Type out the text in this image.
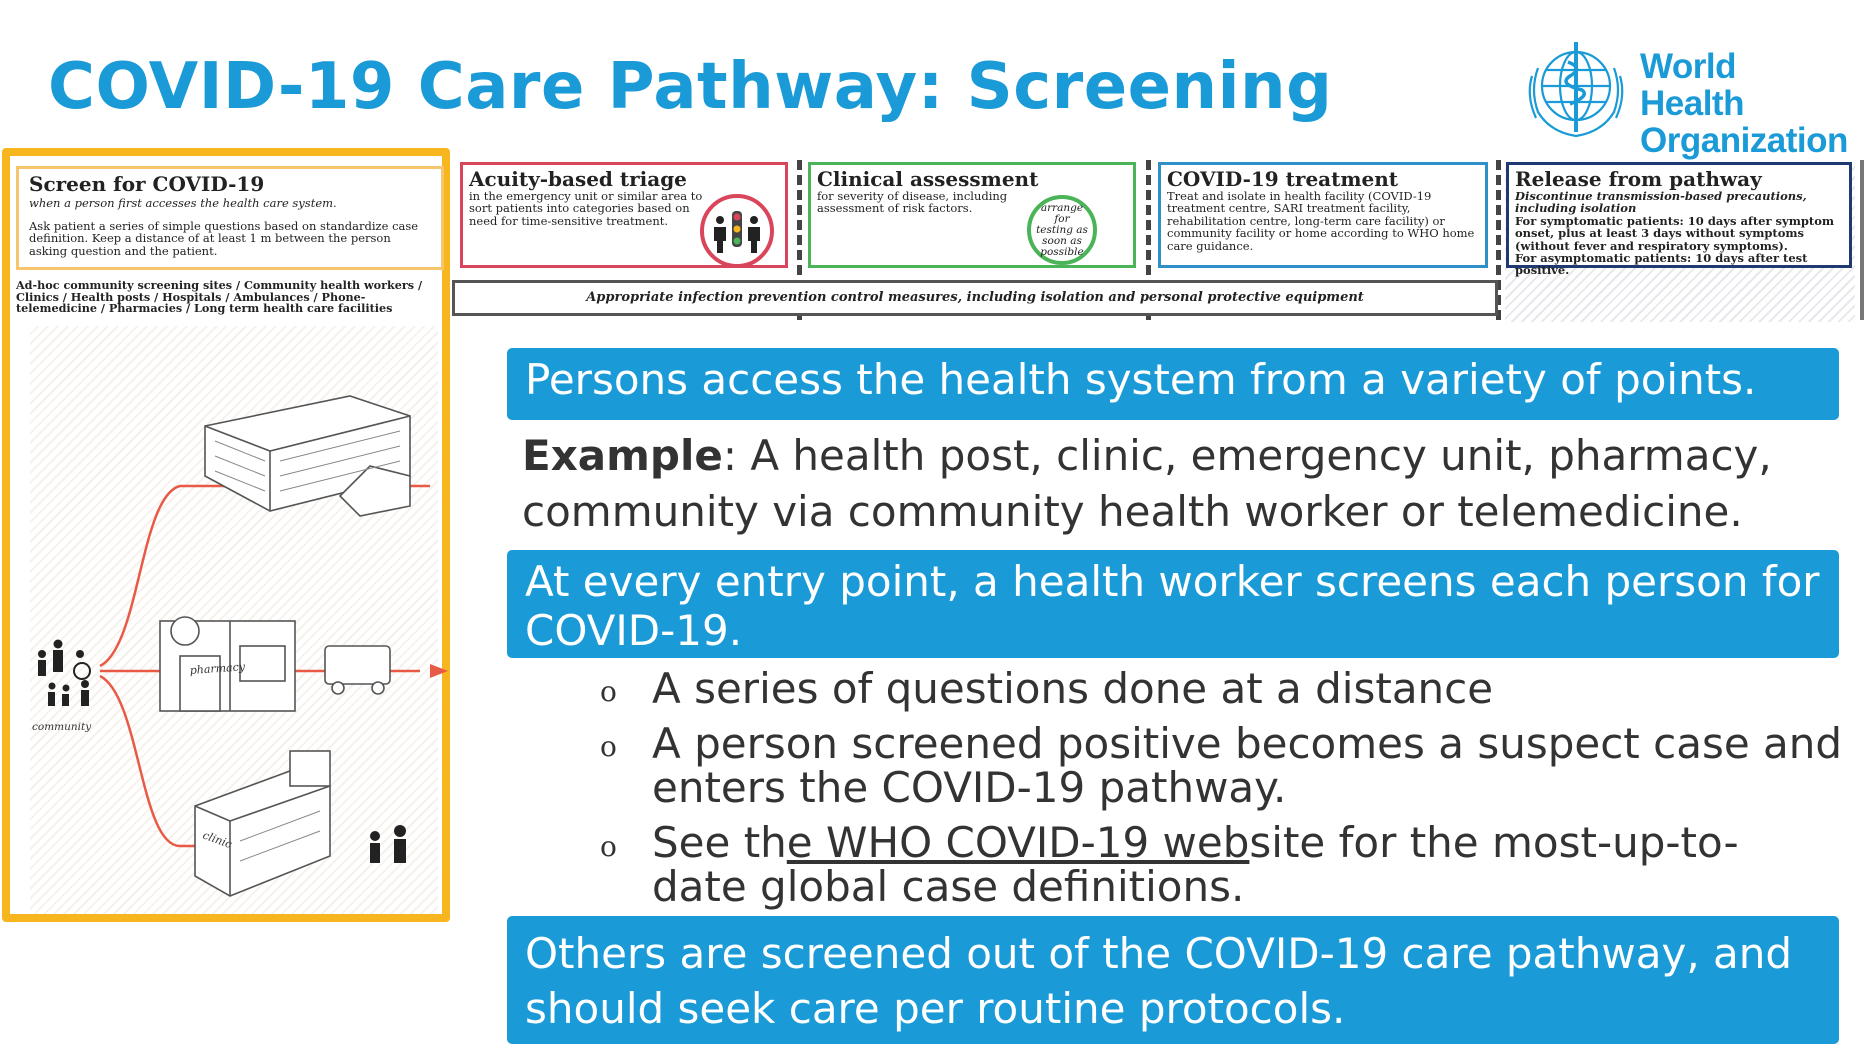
COVID-19 Care Pathway: Screening	World Health
Organization
Acuity-based triage
in the emergency unit or similar area to sort patients into categories based on need for time-sensitive treatment.
Clinical assessment
for severity of disease, including assessment of risk factors.	arrange for testing as soon as possible
COVID-19 treatment
Treat and isolate in health facility (COVID-19 treatment centre, SARI treatment facility, rehabilitation centre, long-term care facility) or community facility or home according to WHO home care guidance.
Release from pathway
Discontinue transmission-based precautions, including isolation
For symptomatic patients: 10 days after symptom onset, plus at least 3 days without symptoms (without fever and respiratory symptoms).
For asymptomatic patients: 10 days after test positive.
Appropriate infection prevention control measures, including isolation and personal protective equipment
Screen for COVID-19
when a person first accesses the health care system.
Ask patient a series of simple questions based on standardize case definition. Keep a distance of at least 1 m between the person asking question and the patient.
Ad-hoc community screening sites / Community health workers / Clinics / Health posts / Hospitals / Ambulances / Phone-telemedicine / Pharmacies / Long term health care facilities
pharmacy
clinic
community
Persons access the health system from a variety of points.
Example: A health post, clinic, emergency unit, pharmacy,
community via community health worker or telemedicine.
At every entry point, a health worker screens each person for
COVID-19.
o A series of questions done at a distance
o A person screened positive becomes a suspect case and
enters the COVID-19 pathway.
o See the WHO COVID-19 website for the most-up-to-
date global case definitions.
Others are screened out of the COVID-19 care pathway, and
should seek care per routine protocols.
